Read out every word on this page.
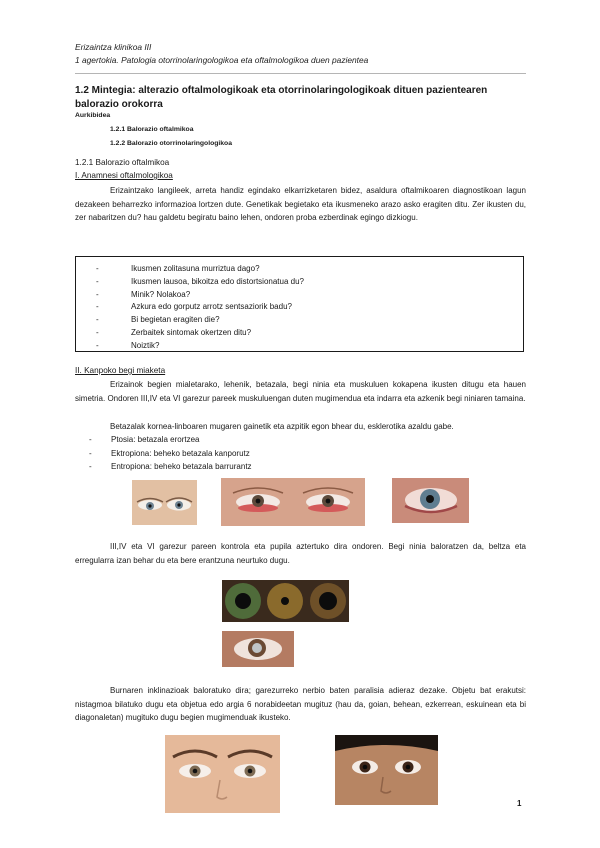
Erizaintza klinikoa III
1 agertokia. Patologia otorrinolaringologikoa eta oftalmologikoa duen pazientea
1.2 Mintegia: alterazio oftalmologikoak eta otorrinolaringologikoak dituen pazientearen balorazio orokorra
Aurkibidea
1.2.1 Balorazio oftalmikoa
1.2.2 Balorazio otorrinolaringologikoa
1.2.1 Balorazio oftalmikoa
I. Anamnesi oftalmologikoa

Erizaintzako langileek, arreta handiz egindako elkarrizketaren bidez, asaldura oftalmikoaren diagnostikoan lagun dezakeen beharrezko informazioa lortzen dute. Genetikak begietako eta ikusmeneko arazo asko eragiten ditu. Zer ikusten du, zer nabaritzen du? hau galdetu begiratu baino lehen, ondoren proba ezberdinak egingo dizkiogu.

-	Ikusmen zolitasuna murriztua dago?
-	Ikusmen lausoa, bikoitza edo distortsionatua du?
-	Minik? Nolakoa?
-	Azkura edo gorputz arrotz sentsaziorik badu?
-	Bi begietan eragiten die?
-	Zerbaitek sintomak okertzen ditu?
-	Noiztik?
II. Kanpoko begi miaketa

Erizainok begien mialetarako, lehenik, betazala, begi ninia eta muskuluen kokapena ikusten ditugu eta hauen simetria. Ondoren III,IV eta VI garezur pareek muskuluengan duten mugimendua eta indarra eta azkenik begi niniaren tamaina.

Betazalak kornea-linboaren mugaren gainetik eta azpitik egon bhear du, esklerotika azaldu gabe.

- Ptosia: betazala erortzea
- Ektropiona: beheko betazala kanporutz
- Entropiona: beheko betazala barrurantz

III,IV eta VI garezur pareen kontrola eta pupila aztertuko dira ondoren. Begi ninia baloratzen da, beltza eta erregularra izan behar du eta bere erantzuna neurtuko dugu.

Burnaren inklinazioak baloratuko dira; garezurreko nerbio baten paralisia adieraz dezake. Objetu bat erakutsi: nistagmoa bilatuko dugu eta objetua edo argia 6 norabideetan mugituz (hau da, goian, behean, ezkerrean, eskuinean eta bi diagonaletan) mugituko dugu begien mugimenduak ikusteko.

1
